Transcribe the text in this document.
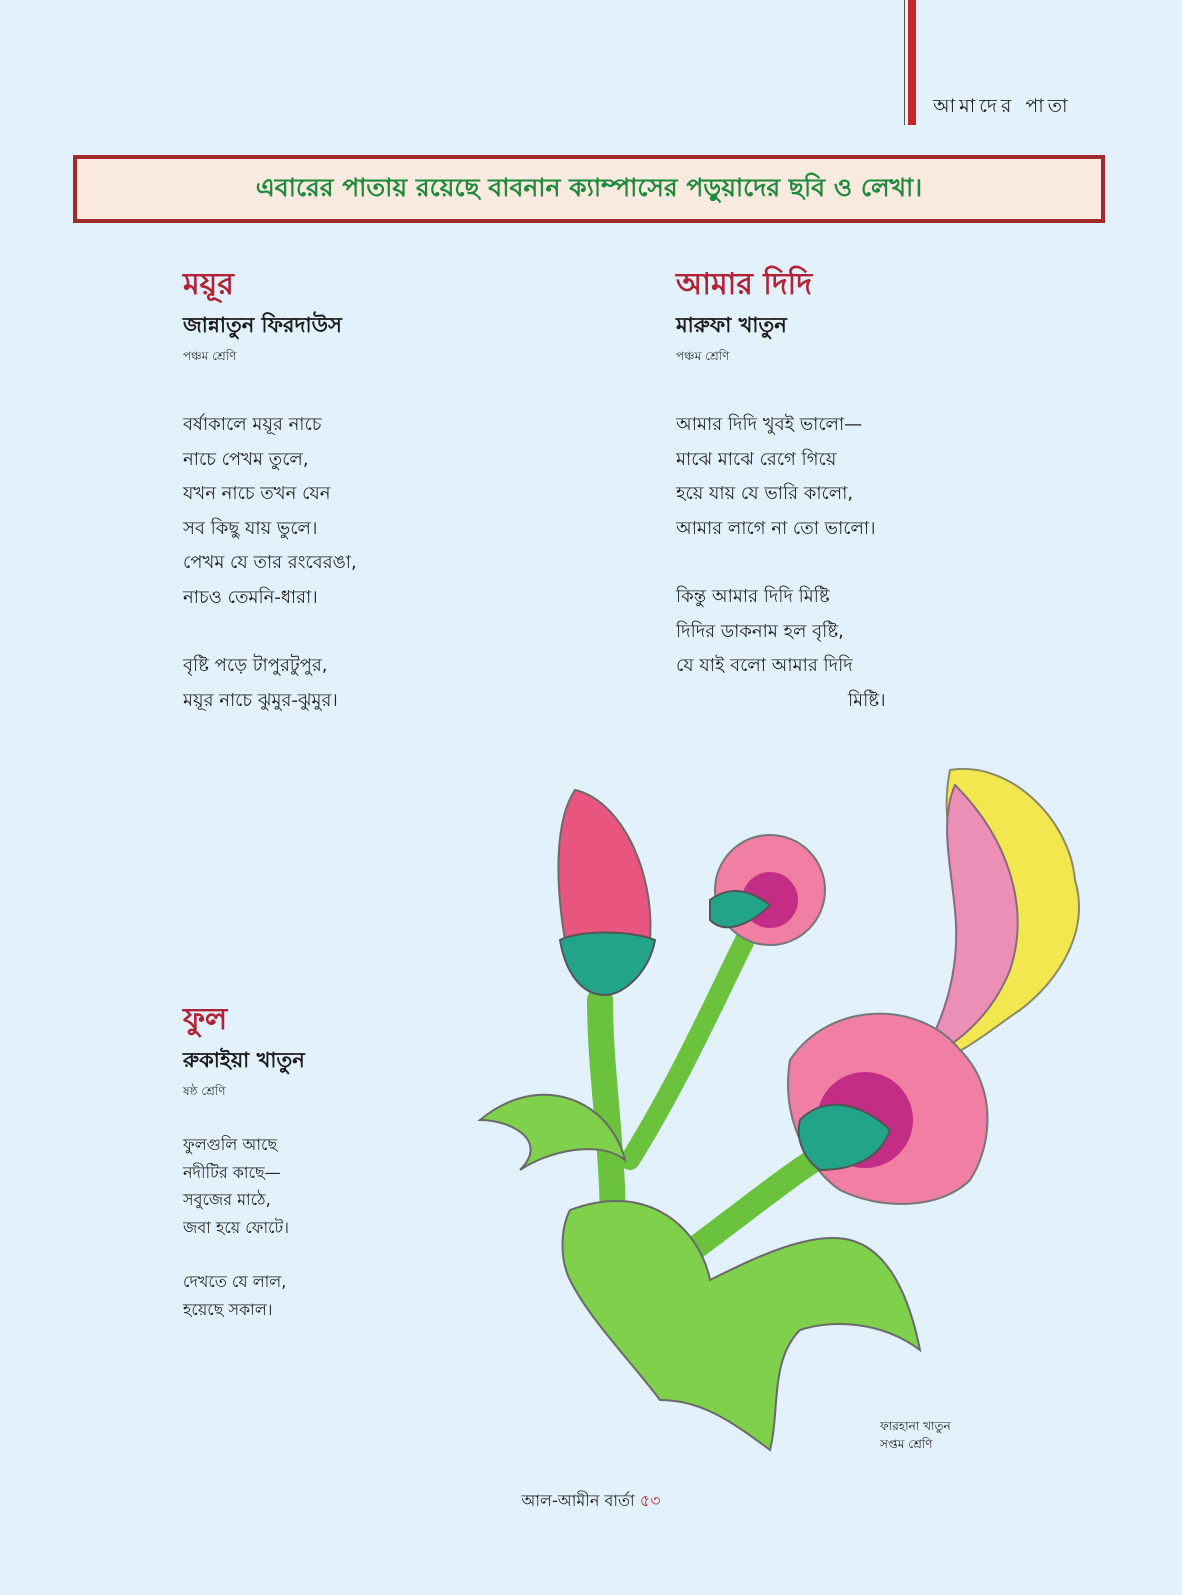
আমাদের পাতা
এবারের পাতায় রয়েছে বাবনান ক্যাম্পাসের পড়ুয়াদের ছবি ও লেখা।
ময়ূর
জান্নাতুন ফিরদাউস
পঞ্চম শ্রেণি
বর্ষাকালে ময়ূর নাচে
নাচে পেখম তুলে,
যখন নাচে তখন যেন
সব কিছু যায় ভুলে।
পেখম যে তার রংবেরঙা,
নাচও তেমনি-ধারা।
বৃষ্টি পড়ে টাপুরটুপুর,
ময়ূর নাচে ঝুমুর-ঝুমুর।
আমার দিদি
মারুফা খাতুন
পঞ্চম শ্রেণি
আমার দিদি খুবই ভালো—
মাঝে মাঝে রেগে গিয়ে
হয়ে যায় যে ভারি কালো,
আমার লাগে না তো ভালো।
কিন্তু আমার দিদি মিষ্টি
দিদির ডাকনাম হল বৃষ্টি,
যে যাই বলো আমার দিদি
মিষ্টি।
ফুল
রুকাইয়া খাতুন
ষষ্ঠ শ্রেণি
ফুলগুলি আছে
নদীটির কাছে—
সবুজের মাঠে,
জবা হয়ে ফোটে।
দেখতে যে লাল,
হয়েছে সকাল।
ফারহানা খাতুন
সপ্তম শ্রেণি
আল-আমীন বার্তা ৫৩
